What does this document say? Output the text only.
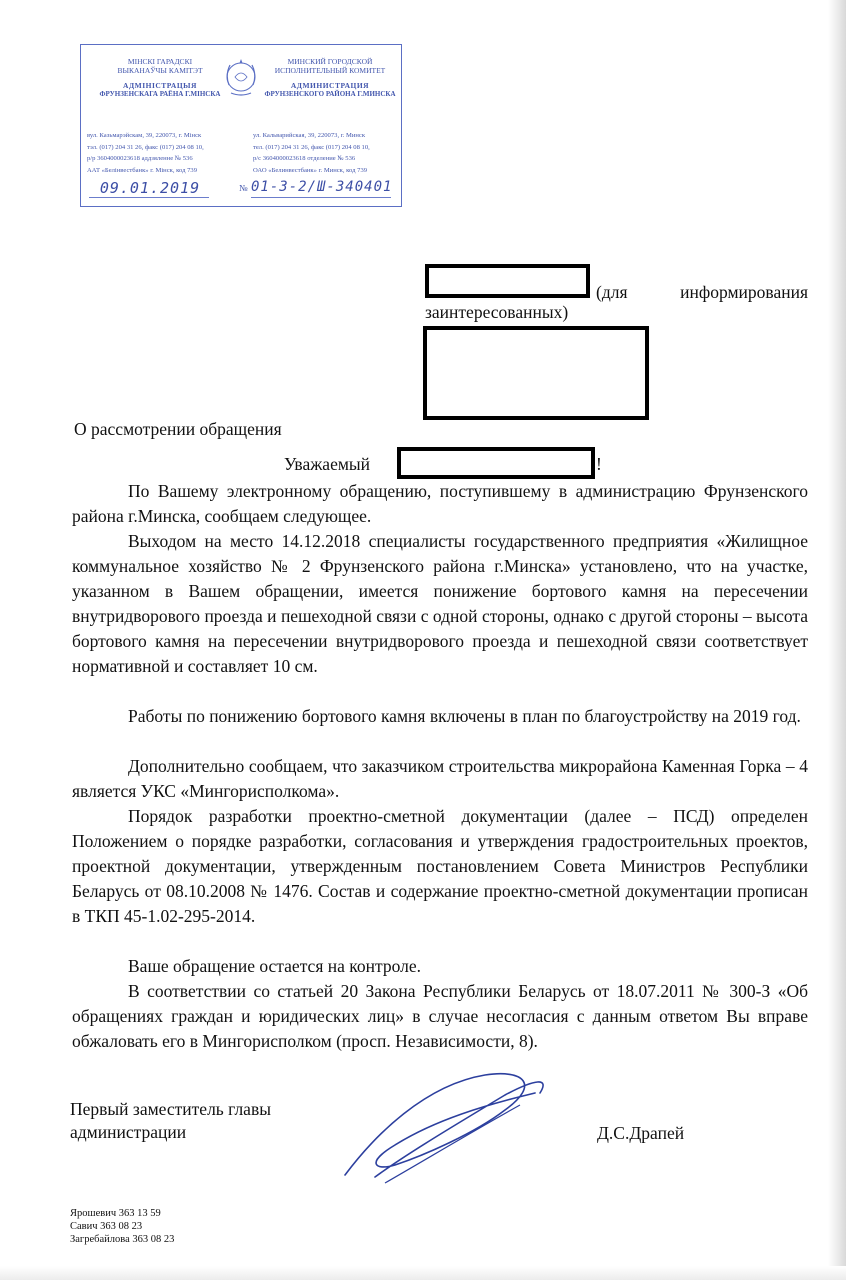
МІНСКІ ГАРАДСКІ
ВЫКАНАЎЧЫ КАМІТЭТ
АДМІНІСТРАЦЫЯ
ФРУНЗЕНСКАГА РАЁНА Г.МІНСКА
МИНСКИЙ ГОРОДСКОЙ
ИСПОЛНИТЕЛЬНЫЙ КОМИТЕТ
АДМИНИСТРАЦИЯ
ФРУНЗЕНСКОГО РАЙОНА Г.МИНСКА
вул. Казьмарэйскам, 39, 220073, г. Мінск
тэл. (017) 204 31 26, факс (017) 204 08 10,
р/р 3604000023618 аддзяленне № 536
ААТ «Белінвестбанк» г. Мінск, код 739
ул. Кальварийская, 39, 220073, г. Минск
тел. (017) 204 31 26, факс (017) 204 08 10,
р/с 3604000023618 отделение № 536
ОАО «Белинвестбанк» г. Минск, код 739
09.01.2019	№ 01-3-2/Ш-340401
(для информирования
заинтересованных)
О рассмотрении обращения
Уважаемый	!
По Вашему электронному обращению, поступившему в администрацию Фрунзенского района г.Минска, сообщаем следующее.
Выходом на место 14.12.2018 специалисты государственного предприятия «Жилищное коммунальное хозяйство № 2 Фрунзенского района г.Минска» установлено, что на участке, указанном в Вашем обращении, имеется понижение бортового камня на пересечении внутридворового проезда и пешеходной связи с одной стороны, однако с другой стороны – высота бортового камня на пересечении внутридворового проезда и пешеходной связи соответствует нормативной и составляет 10 см.
Работы по понижению бортового камня включены в план по благоустройству на 2019 год.
Дополнительно сообщаем, что заказчиком строительства микрорайона Каменная Горка – 4 является УКС «Мингорисполкома».
Порядок разработки проектно-сметной документации (далее – ПСД) определен Положением о порядке разработки, согласования и утверждения градостроительных проектов, проектной документации, утвержденным постановлением Совета Министров Республики Беларусь от 08.10.2008 № 1476. Состав и содержание проектно-сметной документации прописан в ТКП 45-1.02-295-2014.
Ваше обращение остается на контроле.
В соответствии со статьей 20 Закона Республики Беларусь от 18.07.2011 № 300-З «Об обращениях граждан и юридических лиц» в случае несогласия с данным ответом Вы вправе обжаловать его в Мингорисполком (просп. Независимости, 8).
Первый заместитель главы
администрации	Д.С.Драпей
Ярошевич 363 13 59
Савич 363 08 23
Загребайлова 363 08 23
